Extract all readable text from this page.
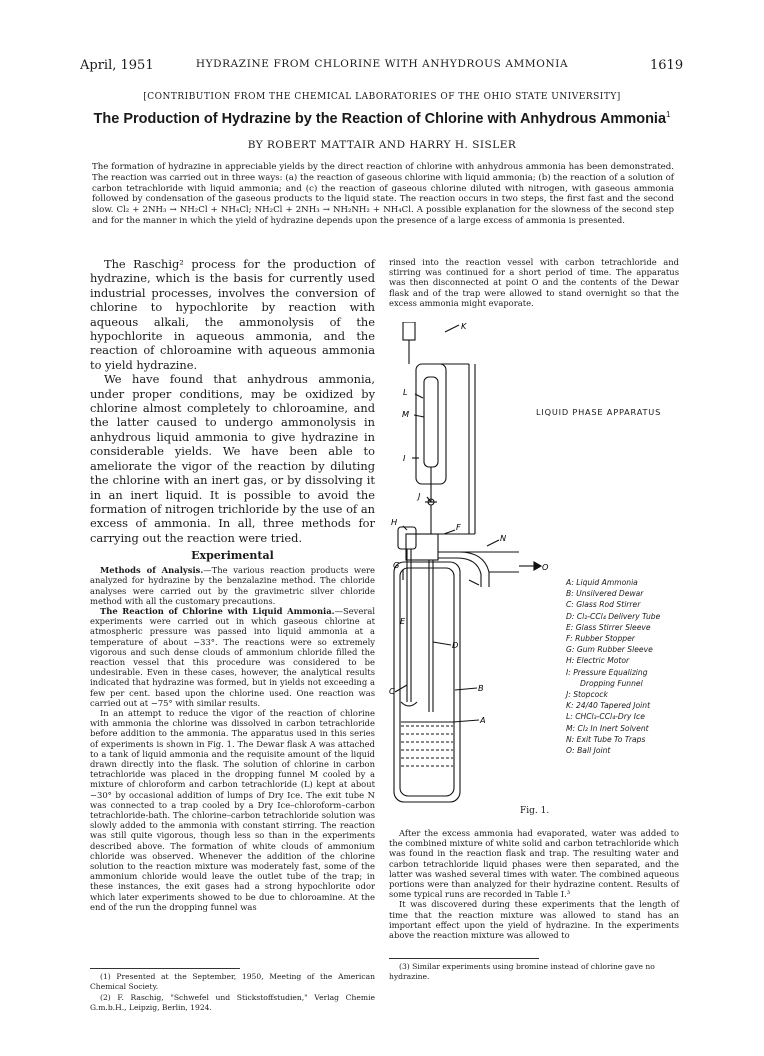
April, 1951	HYDRAZINE FROM CHLORINE WITH ANHYDROUS AMMONIA	1619
[CONTRIBUTION FROM THE CHEMICAL LABORATORIES OF THE OHIO STATE UNIVERSITY]
The Production of Hydrazine by the Reaction of Chlorine with Anhydrous Ammonia$^1$
BY ROBERT MATTAIR AND HARRY H. SISLER
The formation of hydrazine in appreciable yields by the direct reaction of chlorine with anhydrous ammonia has been demonstrated. The reaction was carried out in three ways: (a) the reaction of gaseous chlorine with liquid ammonia; (b) the reaction of a solution of carbon tetrachloride with liquid ammonia; and (c) the reaction of gaseous chlorine diluted with nitrogen, with gaseous ammonia followed by condensation of the gaseous products to the liquid state. The reaction occurs in two steps, the first fast and the second slow. Cl₂ + 2NH₃ → NH₂Cl + NH₄Cl; NH₂Cl + 2NH₃ → NH₂NH₂ + NH₄Cl. A possible explanation for the slowness of the second step and for the manner in which the yield of hydrazine depends upon the presence of a large excess of ammonia is presented.

The Raschig² process for the production of hydrazine, which is the basis for currently used industrial processes, involves the conversion of chlorine to hypochlorite by reaction with aqueous alkali, the ammonolysis of the hypochlorite in aqueous ammonia, and the reaction of chloroamine with aqueous ammonia to yield hydrazine.

We have found that anhydrous ammonia, under proper conditions, may be oxidized by chlorine almost completely to chloroamine, and the latter caused to undergo ammonolysis in anhydrous liquid ammonia to give hydrazine in considerable yields. We have been able to ameliorate the vigor of the reaction by diluting the chlorine with an inert gas, or by dissolving it in an inert liquid. It is possible to avoid the formation of nitrogen trichloride by the use of an excess of ammonia. In all, three methods for carrying out the reaction were tried.

Experimental

Methods of Analysis.—The various reaction products were analyzed for hydrazine by the benzalazine method. The chloride analyses were carried out by the gravimetric silver chloride method with all the customary precautions.

The Reaction of Chlorine with Liquid Ammonia.—Several experiments were carried out in which gaseous chlorine at atmospheric pressure was passed into liquid ammonia at a temperature of about −33°. The reactions were so extremely vigorous and such dense clouds of ammonium chloride filled the reaction vessel that this procedure was considered to be undesirable. Even in these cases, however, the analytical results indicated that hydrazine was formed, but in yields not exceeding a few per cent. based upon the chlorine used. One reaction was carried out at −75° with similar results.

In an attempt to reduce the vigor of the reaction of chlorine with ammonia the chlorine was dissolved in carbon tetrachloride before addition to the ammonia. The apparatus used in this series of experiments is shown in Fig. 1. The Dewar flask A was attached to a tank of liquid ammonia and the requisite amount of the liquid drawn directly into the flask. The solution of chlorine in carbon tetrachloride was placed in the dropping funnel M cooled by a mixture of chloroform and carbon tetrachloride (L) kept at about −30° by occasional addition of lumps of Dry Ice. The exit tube N was connected to a trap cooled by a Dry Ice–chloroform–carbon tetrachloride-bath. The chlorine–carbon tetrachloride solution was slowly added to the ammonia with constant stirring. The reaction was still quite vigorous, though less so than in the experiments described above. The formation of white clouds of ammonium chloride was observed. Whenever the addition of the chlorine solution to the reaction mixture was moderately fast, some of the ammonium chloride would leave the outlet tube of the trap; in these instances, the exit gases had a strong hypochlorite odor which later experiments showed to be due to chloroamine. At the end of the run the dropping funnel was

(1) Presented at the September, 1950, Meeting of the American Chemical Society.

(2) F. Raschig, "Schwefel und Stickstoffstudien," Verlag Chemie G.m.b.H., Leipzig, Berlin, 1924.

rinsed into the reaction vessel with carbon tetrachloride and stirring was continued for a short period of time. The apparatus was then disconnected at point O and the contents of the Dewar flask and of the trap were allowed to stand overnight so that the excess ammonia might evaporate.

LIQUID PHASE APPARATUS
K
L
M
I
J
H	F
N
O
G
E
D
C	B
A
A: Liquid Ammonia
B: Unsilvered Dewar
C: Glass Rod Stirrer
D: Cl₂-CCl₄ Delivery Tube
E: Glass Stirrer Sleeve
F: Rubber Stopper
G: Gum Rubber Sleeve
H: Electric Motor
I: Pressure Equalizing
Dropping Funnel
J: Stopcock
K: 24/40 Tapered Joint
L: CHCl₃-CCl₄-Dry Ice
M: Cl₂ In Inert Solvent
N: Exit Tube To Traps
O: Ball Joint
Fig. 1.

After the excess ammonia had evaporated, water was added to the combined mixture of white solid and carbon tetrachloride which was found in the reaction flask and trap. The resulting water and carbon tetrachloride liquid phases were then separated, and the latter was washed several times with water. The combined aqueous portions were than analyzed for their hydrazine content. Results of some typical runs are recorded in Table I.³

It was discovered during these experiments that the length of time that the reaction mixture was allowed to stand has an important effect upon the yield of hydrazine. In the experiments above the reaction mixture was allowed to

(3) Similar experiments using bromine instead of chlorine gave no hydrazine.
